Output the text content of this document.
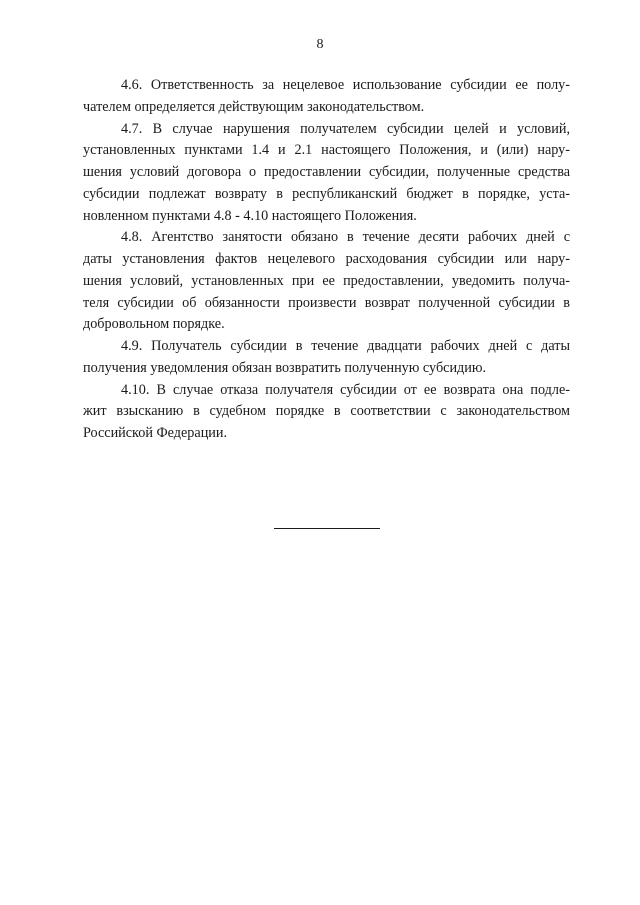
8
4.6. Ответственность за нецелевое использование субсидии ее полу-
чателем определяется действующим законодательством.
4.7. В случае нарушения получателем субсидии целей и условий,
установленных пунктами 1.4 и 2.1 настоящего Положения, и (или) нару-
шения условий договора о предоставлении субсидии, полученные средства
субсидии подлежат возврату в республиканский бюджет в порядке, уста-
новленном пунктами 4.8 - 4.10 настоящего Положения.
4.8. Агентство занятости обязано в течение десяти рабочих дней с
даты установления фактов нецелевого расходования субсидии или нару-
шения условий, установленных при ее предоставлении, уведомить получа-
теля субсидии об обязанности произвести возврат полученной субсидии в
добровольном порядке.
4.9. Получатель субсидии в течение двадцати рабочих дней с даты
получения уведомления обязан возвратить полученную субсидию.
4.10. В случае отказа получателя субсидии от ее возврата она подле-
жит взысканию в судебном порядке в соответствии с законодательством
Российской Федерации.
